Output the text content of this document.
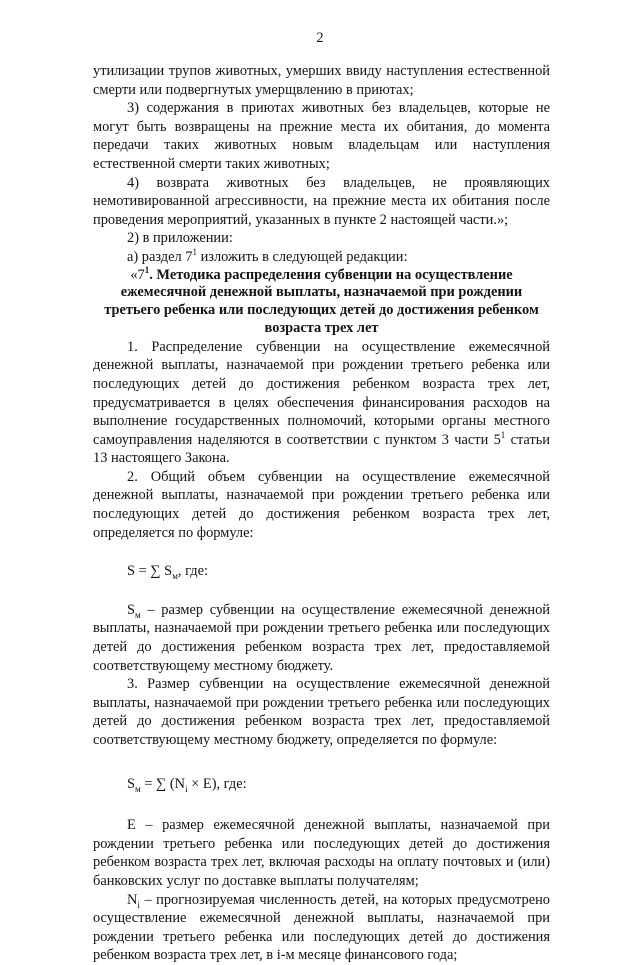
2

утилизации трупов животных, умерших ввиду наступления естественной смерти или подвергнутых умерщвлению в приютах;

3) содержания в приютах животных без владельцев, которые не могут быть возвращены на прежние места их обитания, до момента передачи таких животных новым владельцам или наступления естественной смерти таких животных;

4) возврата животных без владельцев, не проявляющих немотивированной агрессивности, на прежние места их обитания после проведения мероприятий, указанных в пункте 2 настоящей части.»;

2) в приложении:

а) раздел $7^1$ изложить в следующей редакции:

«$7^1$. Методика распределения субвенции на осуществление ежемесячной денежной выплаты, назначаемой при рождении третьего ребенка или последующих детей до достижения ребенком возраста трех лет

1. Распределение субвенции на осуществление ежемесячной денежной выплаты, назначаемой при рождении третьего ребенка или последующих детей до достижения ребенком возраста трех лет, предусматривается в целях обеспечения финансирования расходов на выполнение государственных полномочий, которыми органы местного самоуправления наделяются в соответствии с пунктом 3 части $5^1$ статьи 13 настоящего Закона.

2. Общий объем субвенции на осуществление ежемесячной денежной выплаты, назначаемой при рождении третьего ребенка или последующих детей до достижения ребенком возраста трех лет, определяется по формуле:

S = ∑ $S_м$, где:

$S_м$ – размер субвенции на осуществление ежемесячной денежной выплаты, назначаемой при рождении третьего ребенка или последующих детей до достижения ребенком возраста трех лет, предоставляемой соответствующему местному бюджету.

3. Размер субвенции на осуществление ежемесячной денежной выплаты, назначаемой при рождении третьего ребенка или последующих детей до достижения ребенком возраста трех лет, предоставляемой соответствующему местному бюджету, определяется по формуле:

$S_м$ = ∑ $(N_i \times E)$, где:

E – размер ежемесячной денежной выплаты, назначаемой при рождении третьего ребенка или последующих детей до достижения ребенком возраста трех лет, включая расходы на оплату почтовых и (или) банковских услуг по доставке выплаты получателям;

$N_i$ – прогнозируемая численность детей, на которых предусмотрено осуществление ежемесячной денежной выплаты, назначаемой при рождении третьего ребенка или последующих детей до достижения ребенком возраста трех лет, в i-м месяце финансового года;
